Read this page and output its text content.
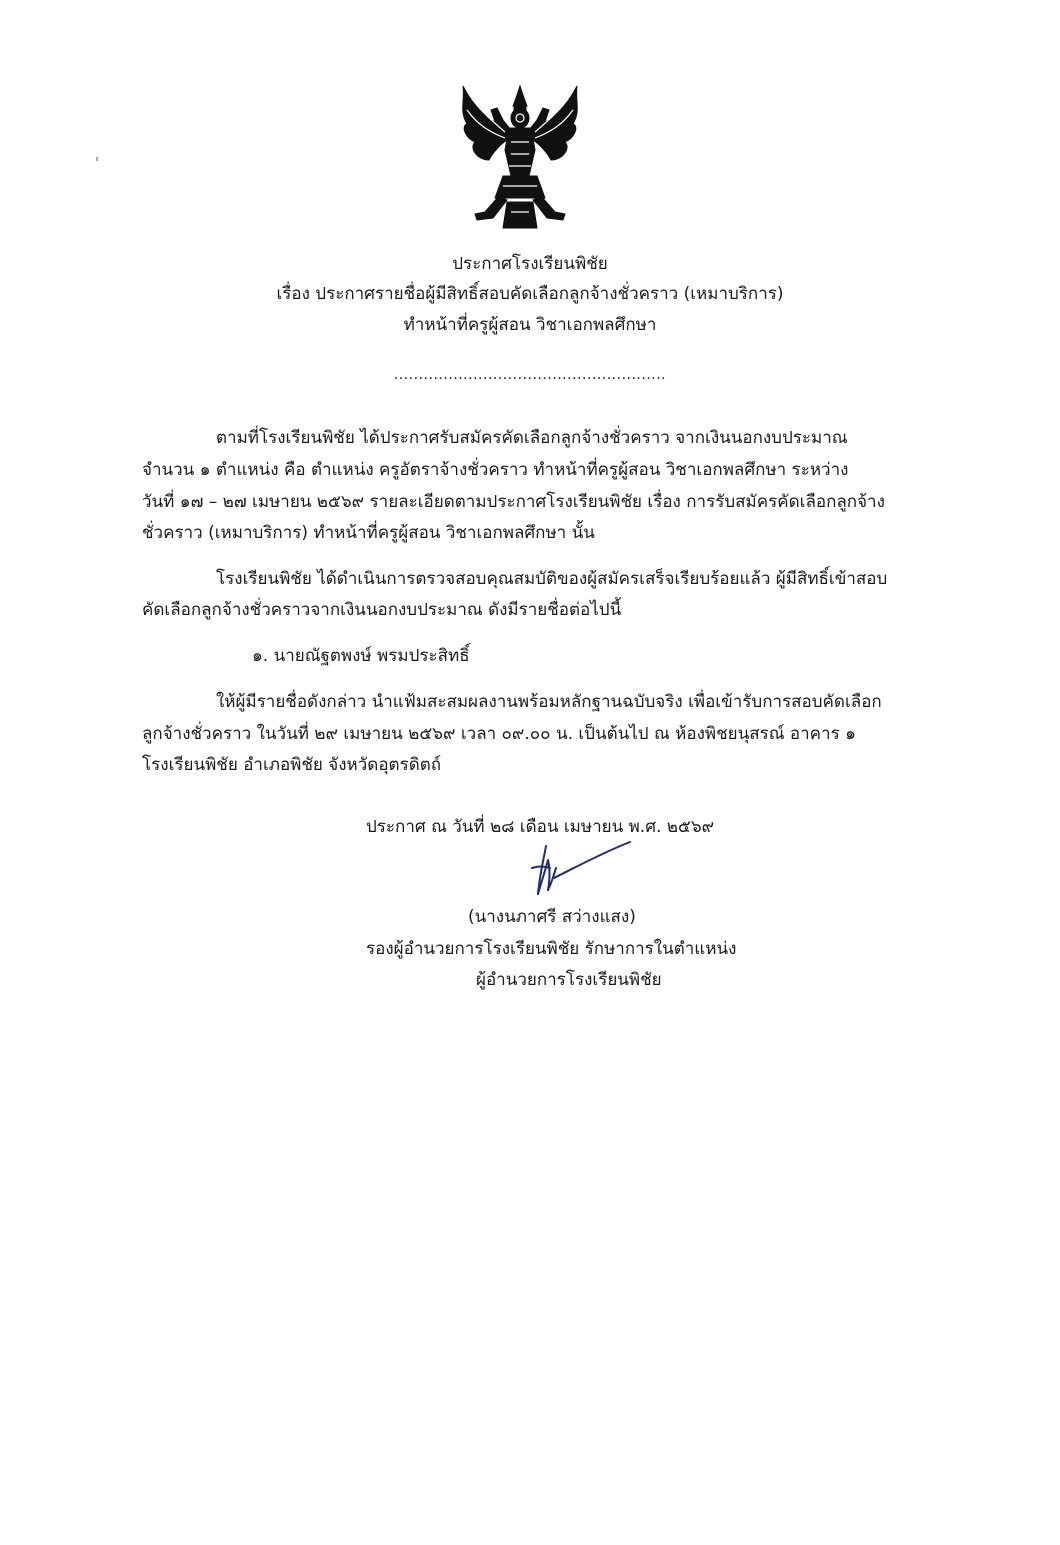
ประกาศโรงเรียนพิชัย
เรื่อง ประกาศรายชื่อผู้มีสิทธิ์สอบคัดเลือกลูกจ้างชั่วคราว (เหมาบริการ)
ทำหน้าที่ครูผู้สอน วิชาเอกพลศึกษา
.......................................................
ตามที่โรงเรียนพิชัย ได้ประกาศรับสมัครคัดเลือกลูกจ้างชั่วคราว จากเงินนอกงบประมาณ
จำนวน ๑ ตำแหน่ง คือ ตำแหน่ง ครูอัตราจ้างชั่วคราว ทำหน้าที่ครูผู้สอน วิชาเอกพลศึกษา ระหว่าง
วันที่ ๑๗ – ๒๗ เมษายน ๒๕๖๙ รายละเอียดตามประกาศโรงเรียนพิชัย เรื่อง การรับสมัครคัดเลือกลูกจ้าง
ชั่วคราว (เหมาบริการ) ทำหน้าที่ครูผู้สอน วิชาเอกพลศึกษา นั้น
โรงเรียนพิชัย ได้ดำเนินการตรวจสอบคุณสมบัติของผู้สมัครเสร็จเรียบร้อยแล้ว ผู้มีสิทธิ์เข้าสอบ
คัดเลือกลูกจ้างชั่วคราวจากเงินนอกงบประมาณ ดังมีรายชื่อต่อไปนี้
๑. นายณัฐตพงษ์ พรมประสิทธิ์
ให้ผู้มีรายชื่อดังกล่าว นำแฟ้มสะสมผลงานพร้อมหลักฐานฉบับจริง เพื่อเข้ารับการสอบคัดเลือก
ลูกจ้างชั่วคราว ในวันที่ ๒๙ เมษายน ๒๕๖๙ เวลา ๐๙.๐๐ น. เป็นต้นไป ณ ห้องพิชยนุสรณ์ อาคาร ๑
โรงเรียนพิชัย อำเภอพิชัย จังหวัดอุตรดิตถ์
ประกาศ ณ วันที่ ๒๘ เดือน เมษายน พ.ศ. ๒๕๖๙
(นางนภาศรี สว่างแสง)
รองผู้อำนวยการโรงเรียนพิชัย รักษาการในตำแหน่ง
ผู้อำนวยการโรงเรียนพิชัย
